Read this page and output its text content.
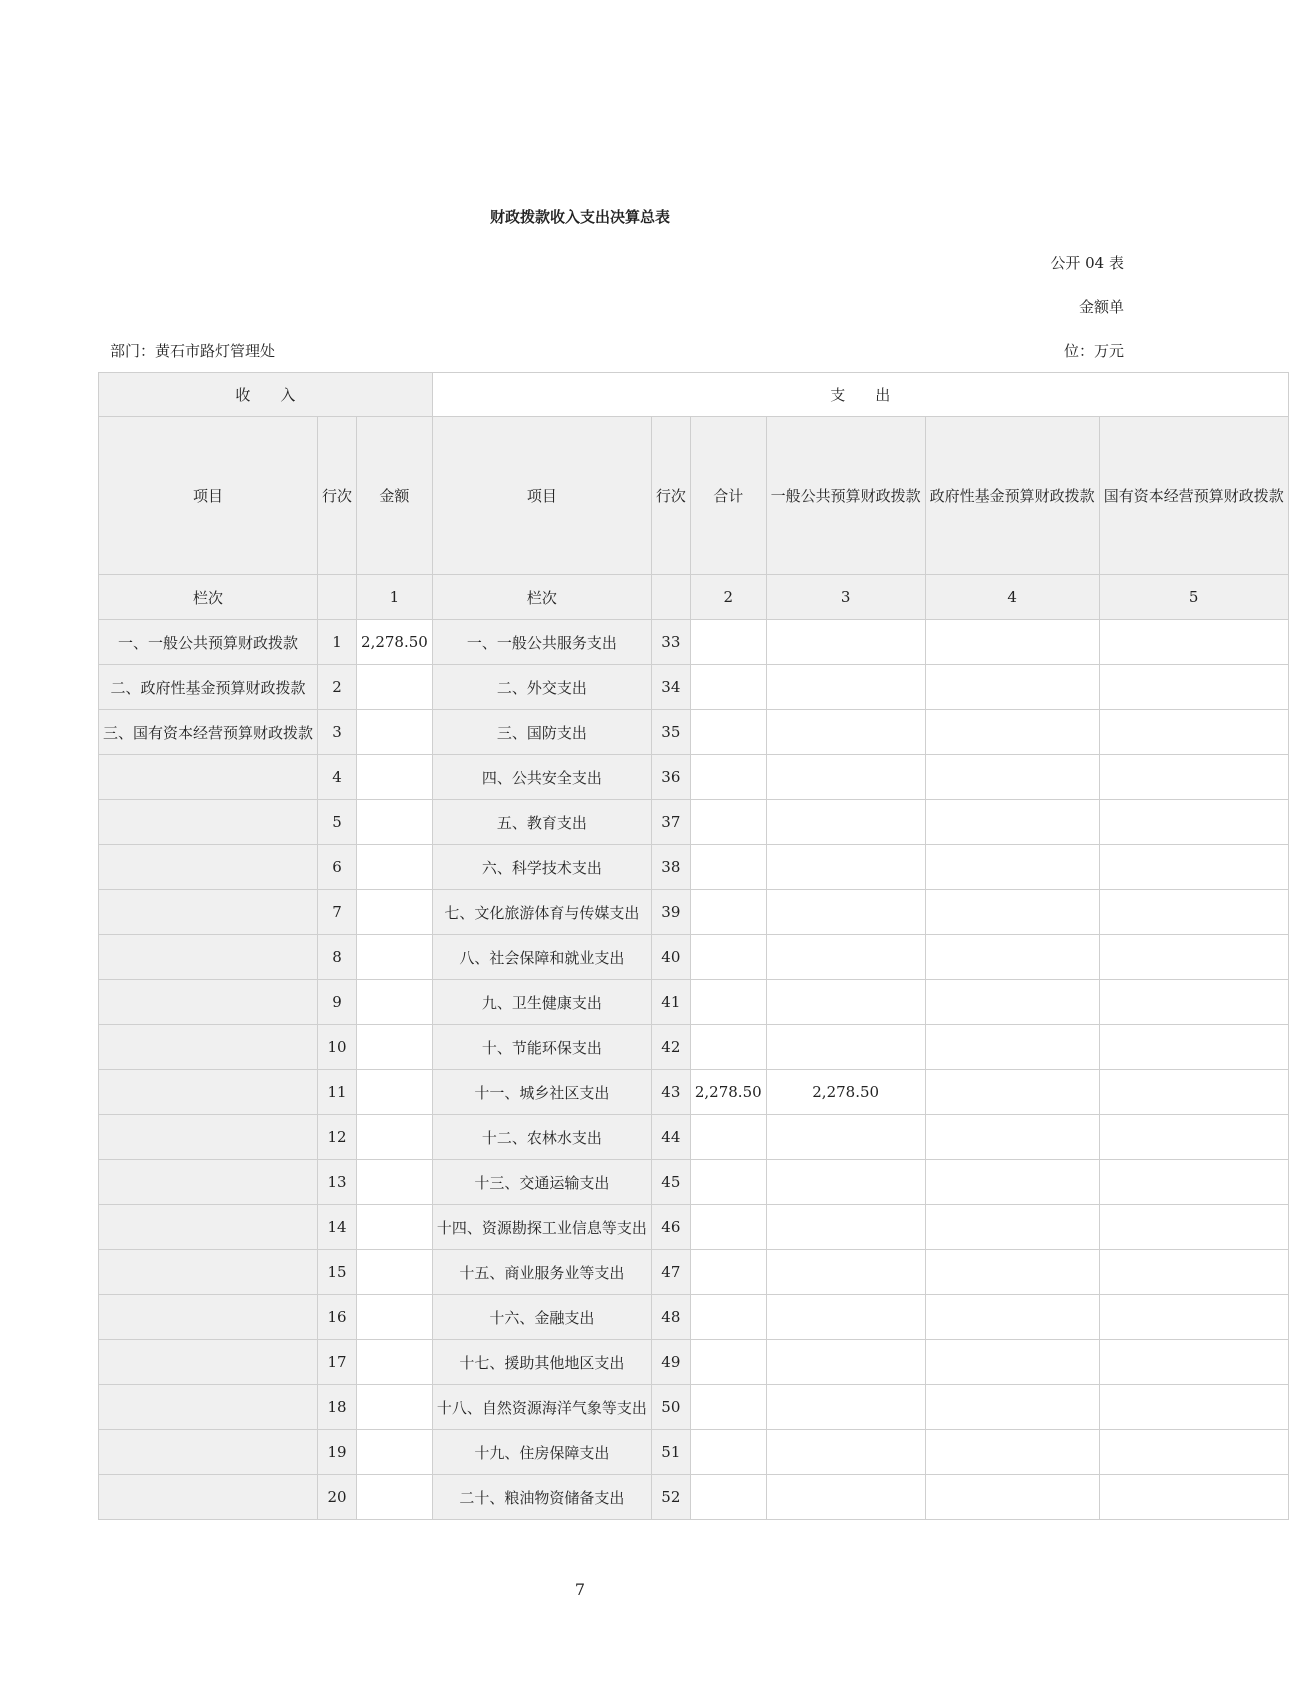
财政拨款收入支出决算总表
公开 04 表
金额单
部门：黄石市路灯管理处	位：万元
收　　入			支　　出					
项目	行次	金额	项目	行次	合计	一般公共预算财政拨款	政府性基金预算财政拨款	国有资本经营预算财政拨款
栏次		1	栏次		2	3	4	5
一、一般公共预算财政拨款	1	2,278.50	一、一般公共服务支出	33				
二、政府性基金预算财政拨款	2		二、外交支出	34				
三、国有资本经营预算财政拨款	3		三、国防支出	35				
	4		四、公共安全支出	36				
	5		五、教育支出	37				
	6		六、科学技术支出	38				
	7		七、文化旅游体育与传媒支出	39				
	8		八、社会保障和就业支出	40				
	9		九、卫生健康支出	41				
	10		十、节能环保支出	42				
	11		十一、城乡社区支出	43	2,278.50	2,278.50		
	12		十二、农林水支出	44				
	13		十三、交通运输支出	45				
	14		十四、资源勘探工业信息等支出	46				
	15		十五、商业服务业等支出	47				
	16		十六、金融支出	48				
	17		十七、援助其他地区支出	49				
	18		十八、自然资源海洋气象等支出	50				
	19		十九、住房保障支出	51				
	20		二十、粮油物资储备支出	52				
7
